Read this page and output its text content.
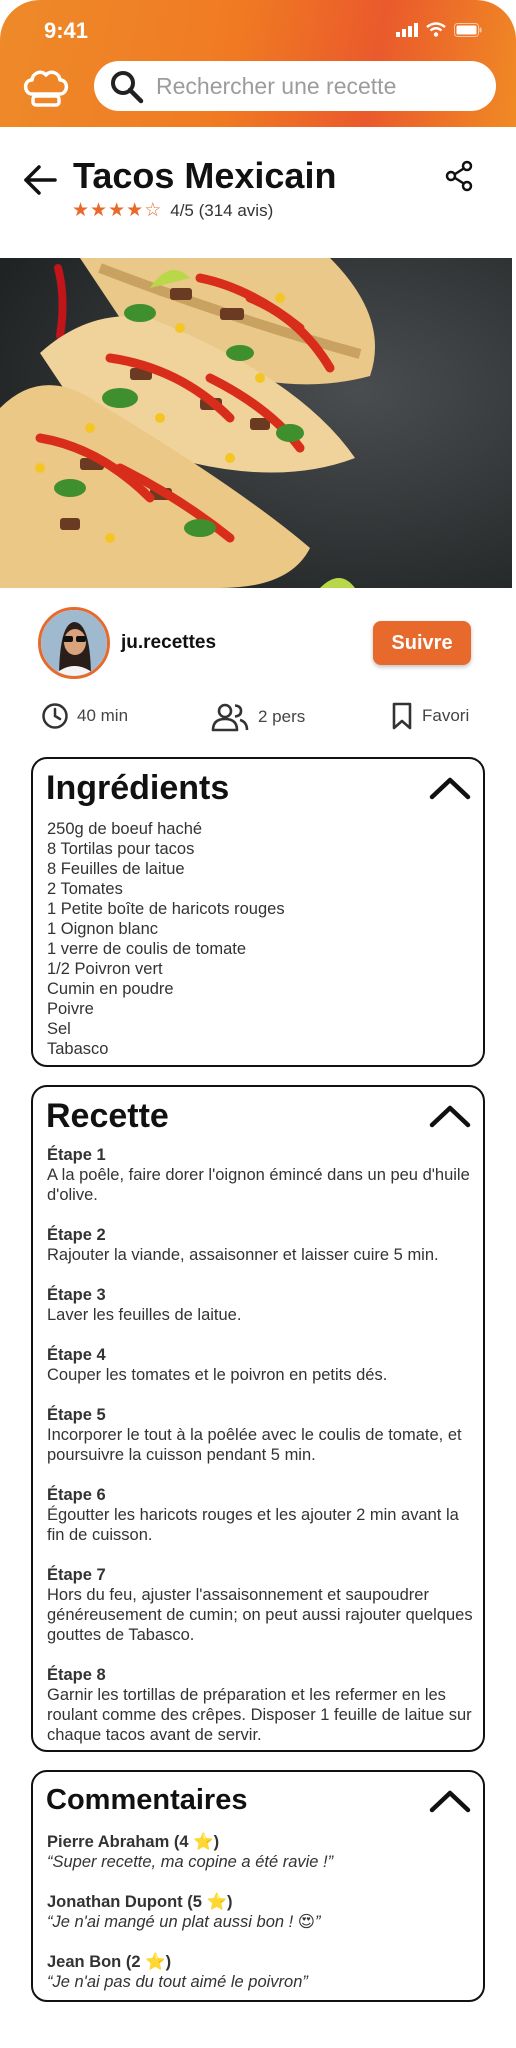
9:41
Rechercher une recette
Tacos Mexicain
★ ★ ★ ★ ☆ 4/5 (314 avis)
ju.recettes	Suivre
40 min	2 pers	Favori
Ingrédients
250g de boeuf haché
8 Tortilas pour tacos
8 Feuilles de laitue
2 Tomates
1 Petite boîte de haricots rouges
1 Oignon blanc
1 verre de coulis de tomate
1/2 Poivron vert
Cumin en poudre
Poivre
Sel
Tabasco
Recette
Étape 1
A la poêle, faire dorer l'oignon émincé dans un peu d'huile d'olive.
Étape 2
Rajouter la viande, assaisonner et laisser cuire 5 min.
Étape 3
Laver les feuilles de laitue.
Étape 4
Couper les tomates et le poivron en petits dés.
Étape 5
Incorporer le tout à la poêlée avec le coulis de tomate, et poursuivre la cuisson pendant 5 min.
Étape 6
Égoutter les haricots rouges et les ajouter 2 min avant la fin de cuisson.
Étape 7
Hors du feu, ajuster l'assaisonnement et saupoudrer généreusement de cumin; on peut aussi rajouter quelques gouttes de Tabasco.
Étape 8
Garnir les tortillas de préparation et les refermer en les roulant comme des crêpes. Disposer 1 feuille de laitue sur chaque tacos avant de servir.
Commentaires
Pierre Abraham (4 ⭐)
“Super recette, ma copine a été ravie !”
Jonathan Dupont (5 ⭐)
“Je n'ai mangé un plat aussi bon ! 😍”
Jean Bon (2 ⭐)
“Je n'ai pas du tout aimé le poivron”
